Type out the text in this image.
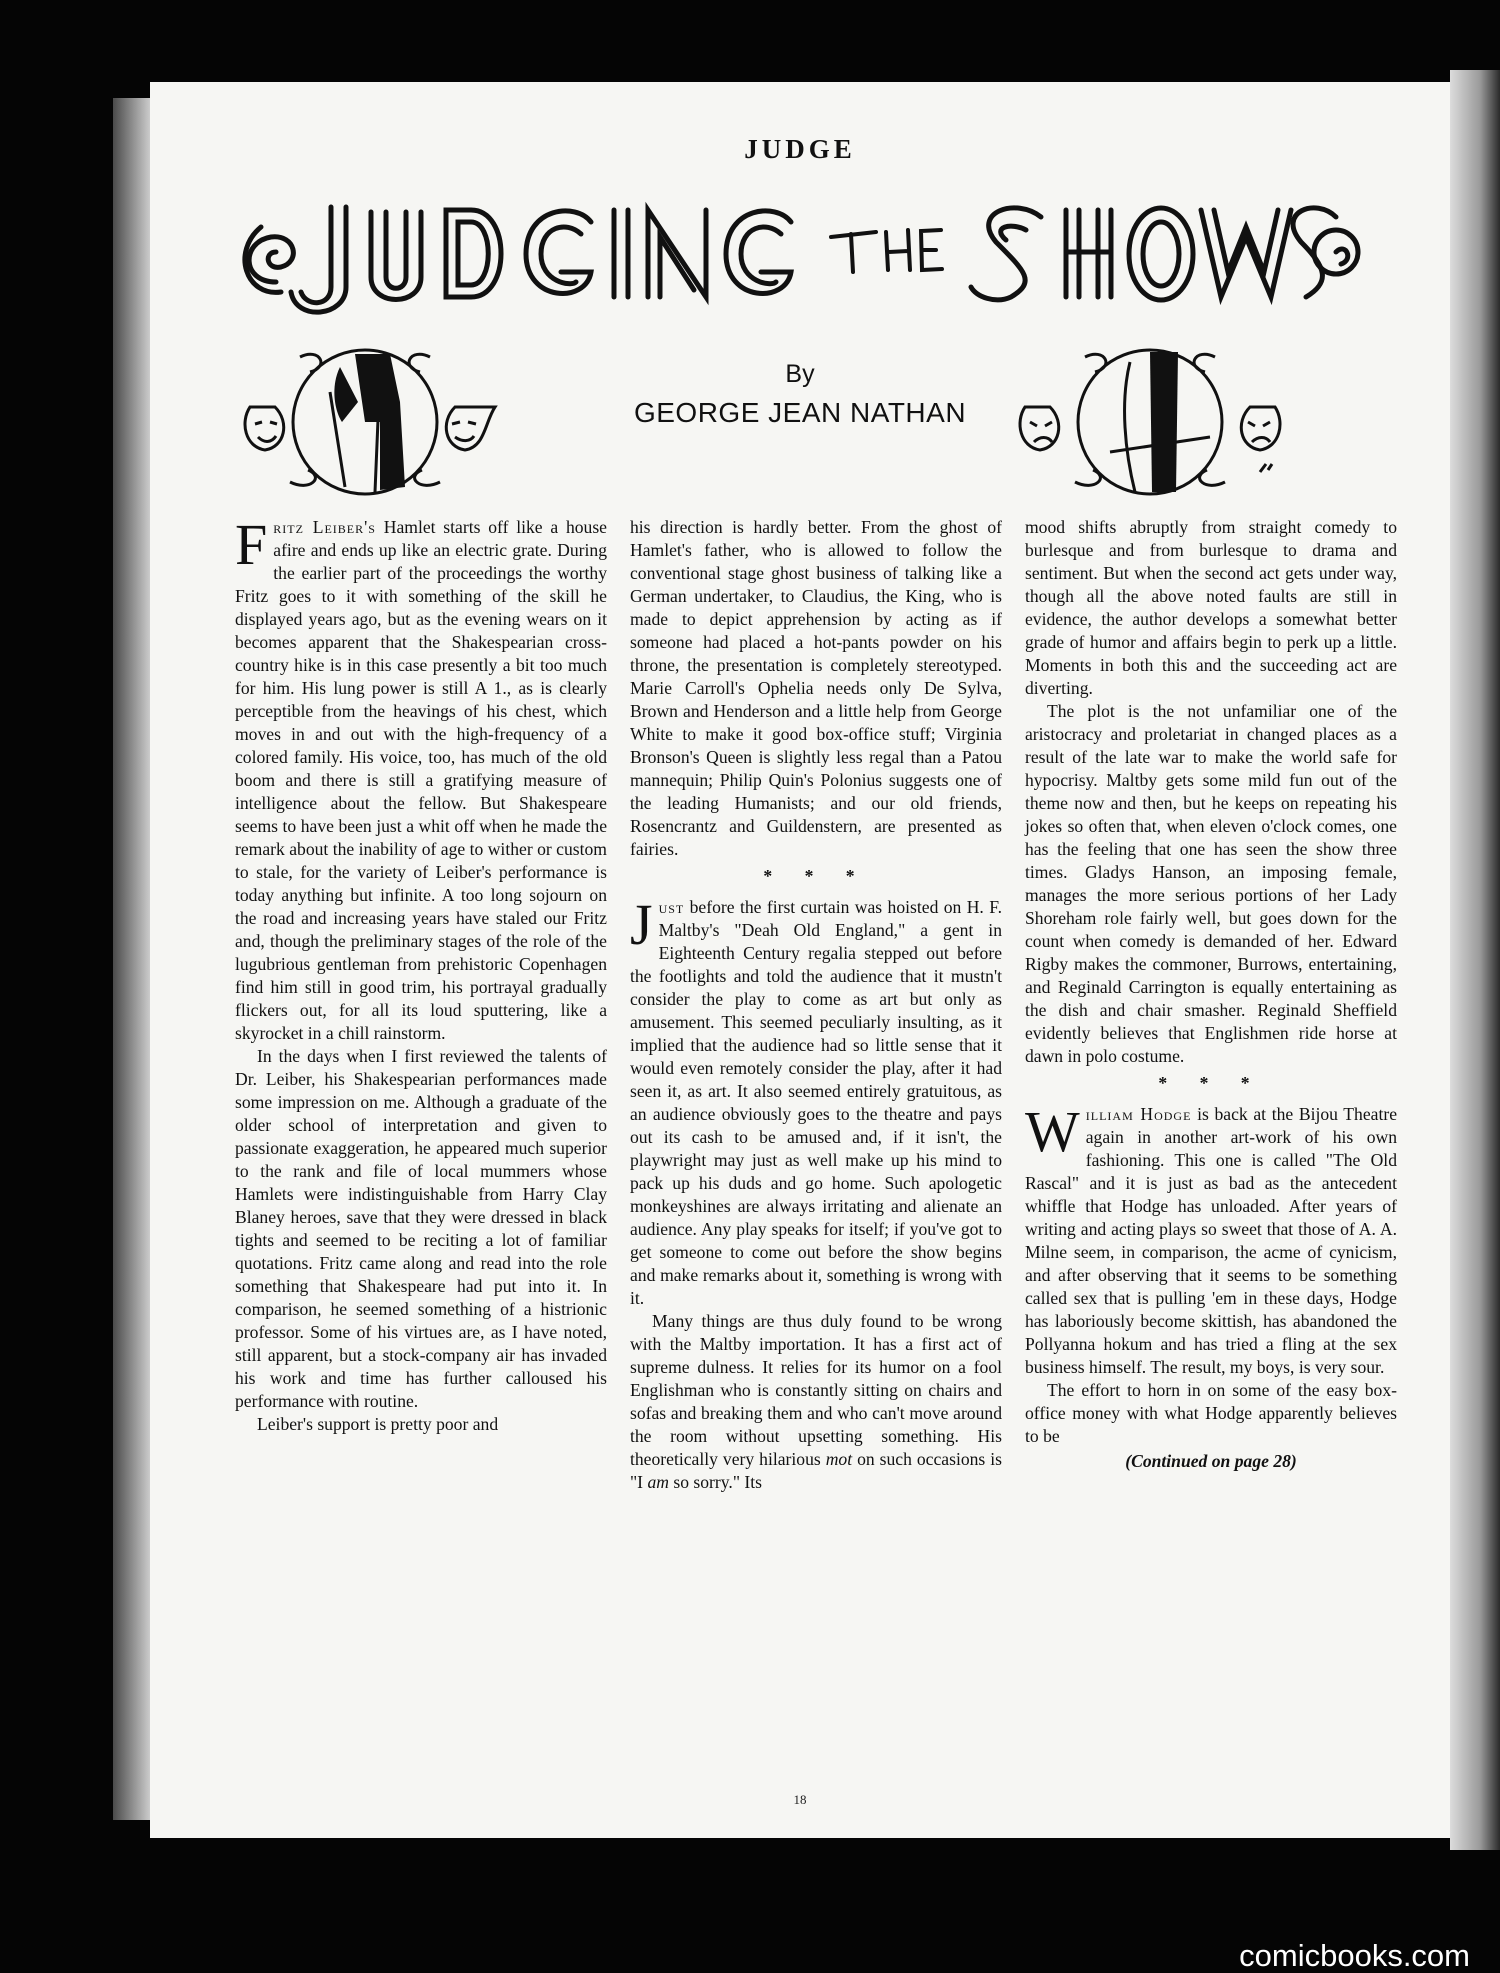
JUDGE
By
GEORGE JEAN NATHAN

Fritz Leiber's Hamlet starts off like a house afire and ends up like an electric grate. During the earlier part of the proceedings the worthy Fritz goes to it with something of the skill he displayed years ago, but as the evening wears on it becomes apparent that the Shakespearian cross-country hike is in this case presently a bit too much for him. His lung power is still A 1., as is clearly perceptible from the heavings of his chest, which moves in and out with the high-frequency of a colored family. His voice, too, has much of the old boom and there is still a gratifying measure of intelligence about the fellow. But Shakespeare seems to have been just a whit off when he made the remark about the inability of age to wither or custom to stale, for the variety of Leiber's performance is today anything but infinite. A too long sojourn on the road and increasing years have staled our Fritz and, though the preliminary stages of the role of the lugubrious gentleman from prehistoric Copenhagen find him still in good trim, his portrayal gradually flickers out, for all its loud sputtering, like a skyrocket in a chill rainstorm.

In the days when I first reviewed the talents of Dr. Leiber, his Shakespearian performances made some impression on me. Although a graduate of the older school of interpretation and given to passionate exaggeration, he appeared much superior to the rank and file of local mummers whose Hamlets were indistinguishable from Harry Clay Blaney heroes, save that they were dressed in black tights and seemed to be reciting a lot of familiar quotations. Fritz came along and read into the role something that Shakespeare had put into it. In comparison, he seemed something of a histrionic professor. Some of his virtues are, as I have noted, still apparent, but a stock-company air has invaded his work and time has further calloused his performance with routine.

Leiber's support is pretty poor and

his direction is hardly better. From the ghost of Hamlet's father, who is allowed to follow the conventional stage ghost business of talking like a German undertaker, to Claudius, the King, who is made to depict apprehension by acting as if someone had placed a hot-pants powder on his throne, the presentation is completely stereotyped. Marie Carroll's Ophelia needs only De Sylva, Brown and Henderson and a little help from George White to make it good box-office stuff; Virginia Bronson's Queen is slightly less regal than a Patou mannequin; Philip Quin's Polonius suggests one of the leading Humanists; and our old friends, Rosencrantz and Guildenstern, are presented as fairies.

* * *

Just before the first curtain was hoisted on H. F. Maltby's "Deah Old England," a gent in Eighteenth Century regalia stepped out before the footlights and told the audience that it mustn't consider the play to come as art but only as amusement. This seemed peculiarly insulting, as it implied that the audience had so little sense that it would even remotely consider the play, after it had seen it, as art. It also seemed entirely gratuitous, as an audience obviously goes to the theatre and pays out its cash to be amused and, if it isn't, the playwright may just as well make up his mind to pack up his duds and go home. Such apologetic monkeyshines are always irritating and alienate an audience. Any play speaks for itself; if you've got to get someone to come out before the show begins and make remarks about it, something is wrong with it.

Many things are thus duly found to be wrong with the Maltby importation. It has a first act of supreme dulness. It relies for its humor on a fool Englishman who is constantly sitting on chairs and sofas and breaking them and who can't move around the room without upsetting something. His theoretically very hilarious mot on such occasions is "I am so sorry." Its

mood shifts abruptly from straight comedy to burlesque and from burlesque to drama and sentiment. But when the second act gets under way, though all the above noted faults are still in evidence, the author develops a somewhat better grade of humor and affairs begin to perk up a little. Moments in both this and the succeeding act are diverting.

The plot is the not unfamiliar one of the aristocracy and proletariat in changed places as a result of the late war to make the world safe for hypocrisy. Maltby gets some mild fun out of the theme now and then, but he keeps on repeating his jokes so often that, when eleven o'clock comes, one has the feeling that one has seen the show three times. Gladys Hanson, an imposing female, manages the more serious portions of her Lady Shoreham role fairly well, but goes down for the count when comedy is demanded of her. Edward Rigby makes the commoner, Burrows, entertaining, and Reginald Carrington is equally entertaining as the dish and chair smasher. Reginald Sheffield evidently believes that Englishmen ride horse at dawn in polo costume.

* * *

William Hodge is back at the Bijou Theatre again in another art-work of his own fashioning. This one is called "The Old Rascal" and it is just as bad as the antecedent whiffle that Hodge has unloaded. After years of writing and acting plays so sweet that those of A. A. Milne seem, in comparison, the acme of cynicism, and after observing that it seems to be something called sex that is pulling 'em in these days, Hodge has laboriously become skittish, has abandoned the Pollyanna hokum and has tried a fling at the sex business himself. The result, my boys, is very sour.

The effort to horn in on some of the easy box-office money with what Hodge apparently believes to be

(Continued on page 28)
18
comicbooks.com
